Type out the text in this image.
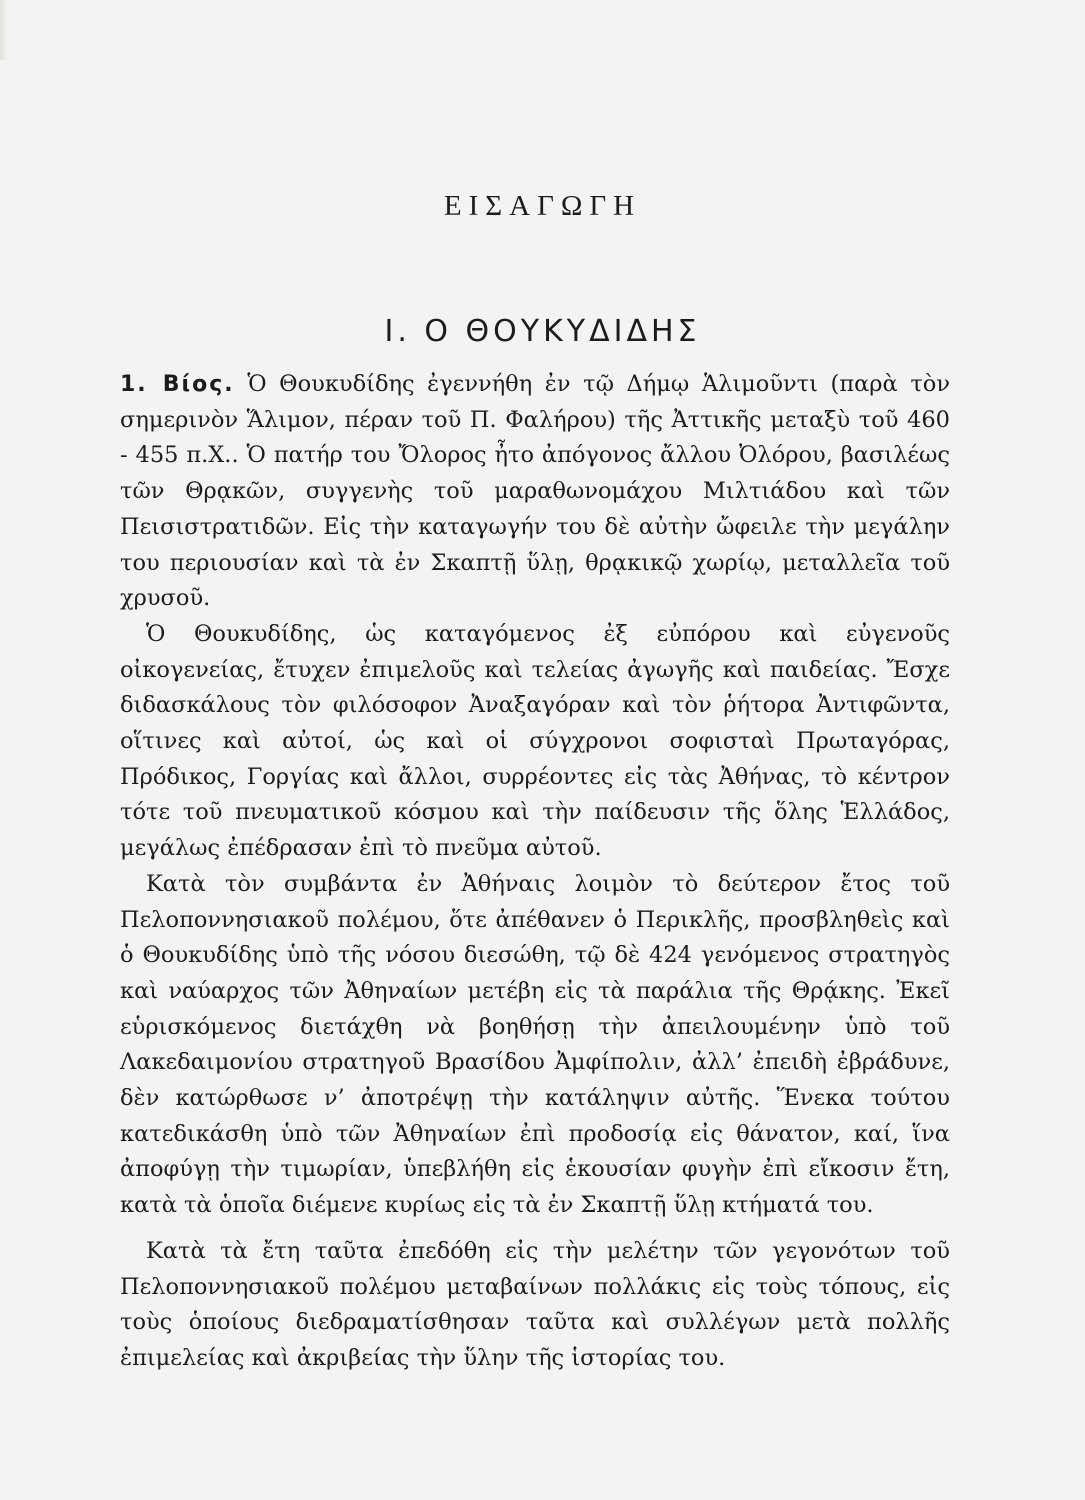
ΕΙΣΑΓΩΓΗ
Ι. Ο ΘΟΥΚΥΔΙΔΗΣ

1. Βίος. Ὁ Θουκυδίδης ἐγεννήθη ἐν τῷ Δήμῳ Ἁλιμοῦντι (παρὰ τὸν σημερινὸν Ἅλιμον, πέραν τοῦ Π. Φαλήρου) τῆς Ἀττικῆς μεταξὺ τοῦ 460 - 455 π.Χ.. Ὁ πατήρ του Ὄλορος ἦτο ἀπόγονος ἄλλου Ὀλόρου, βασιλέως τῶν Θρᾳκῶν, συγγενὴς τοῦ μαραθωνομάχου Μιλτιάδου καὶ τῶν Πεισιστρατιδῶν. Εἰς τὴν καταγωγήν του δὲ αὐτὴν ὤφειλε τὴν μεγάλην του περιουσίαν καὶ τὰ ἐν Σκαπτῇ ὕλῃ, θρᾳκικῷ χωρίῳ, μεταλλεῖα τοῦ χρυσοῦ.

Ὁ Θουκυδίδης, ὡς καταγόμενος ἐξ εὐπόρου καὶ εὐγενοῦς οἰκογενείας, ἔτυχεν ἐπιμελοῦς καὶ τελείας ἀγωγῆς καὶ παιδείας. Ἔσχε διδασκάλους τὸν φιλόσοφον Ἀναξαγόραν καὶ τὸν ῥήτορα Ἀντιφῶντα, οἵτινες καὶ αὐτοί, ὡς καὶ οἱ σύγχρονοι σοφισταὶ Πρωταγόρας, Πρόδικος, Γοργίας καὶ ἄλλοι, συρρέοντες εἰς τὰς Ἀθήνας, τὸ κέντρον τότε τοῦ πνευματικοῦ κόσμου καὶ τὴν παίδευσιν τῆς ὅλης Ἑλλάδος, μεγάλως ἐπέδρασαν ἐπὶ τὸ πνεῦμα αὐτοῦ.

Κατὰ τὸν συμβάντα ἐν Ἀθήναις λοιμὸν τὸ δεύτερον ἔτος τοῦ Πελοποννησιακοῦ πολέμου, ὅτε ἀπέθανεν ὁ Περικλῆς, προσβληθεὶς καὶ ὁ Θουκυδίδης ὑπὸ τῆς νόσου διεσώθη, τῷ δὲ 424 γενόμενος στρατηγὸς καὶ ναύαρχος τῶν Ἀθηναίων μετέβη εἰς τὰ παράλια τῆς Θρᾴκης. Ἐκεῖ εὑρισκόμενος διετάχθη νὰ βοηθήσῃ τὴν ἀπειλουμένην ὑπὸ τοῦ Λακεδαιμονίου στρατηγοῦ Βρασίδου Ἀμφίπολιν, ἀλλ’ ἐπειδὴ ἐβράδυνε, δὲν κατώρθωσε ν’ ἀποτρέψῃ τὴν κατάληψιν αὐτῆς. Ἕνεκα τούτου κατεδικάσθη ὑπὸ τῶν Ἀθηναίων ἐπὶ προδοσίᾳ εἰς θάνατον, καί, ἵνα ἀποφύγῃ τὴν τιμωρίαν, ὑπεβλήθη εἰς ἑκουσίαν φυγὴν ἐπὶ εἴκοσιν ἔτη, κατὰ τὰ ὁποῖα διέμενε κυρίως εἰς τὰ ἐν Σκαπτῇ ὕλῃ κτήματά του.

Κατὰ τὰ ἔτη ταῦτα ἐπεδόθη εἰς τὴν μελέτην τῶν γεγονότων τοῦ Πελοποννησιακοῦ πολέμου μεταβαίνων πολλάκις εἰς τοὺς τόπους, εἰς τοὺς ὁποίους διεδραματίσθησαν ταῦτα καὶ συλλέγων μετὰ πολλῆς ἐπιμελείας καὶ ἀκριβείας τὴν ὕλην τῆς ἱστορίας του.
